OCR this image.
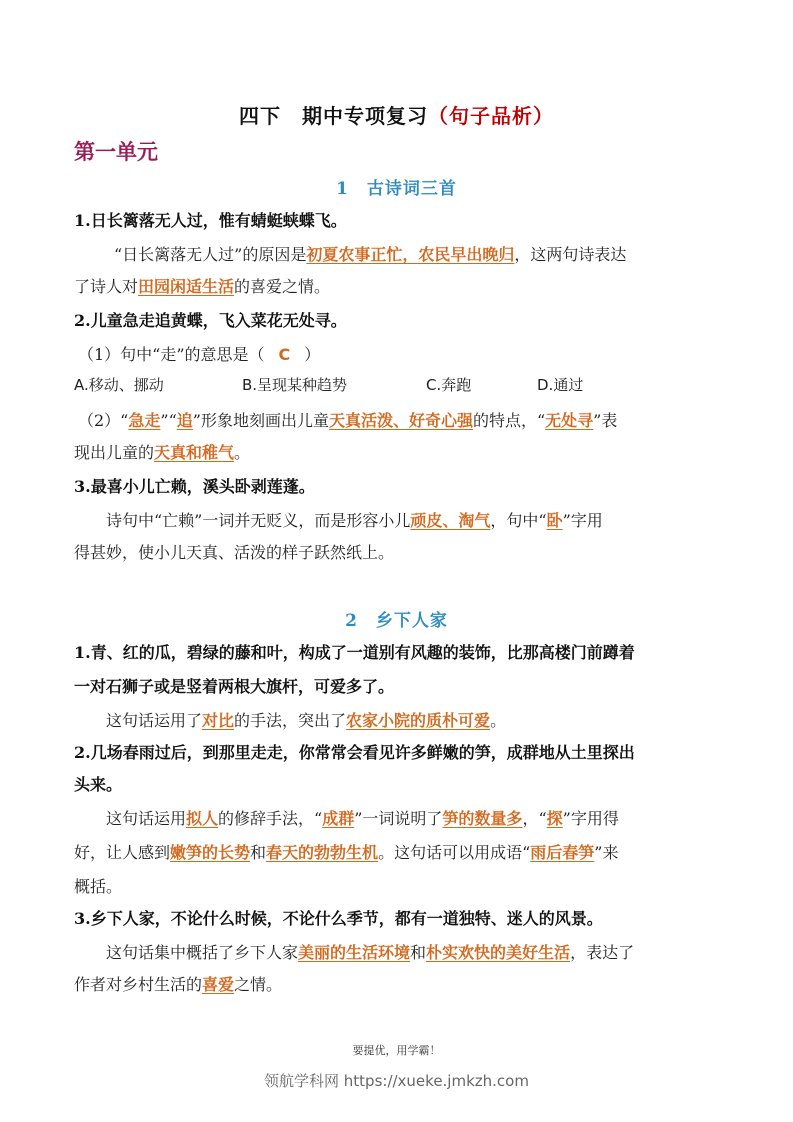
四下　期中专项复习（句子品析）
第一单元
1　古诗词三首
1.日长篱落无人过，惟有蜻蜓蛱蝶飞。
“日长篱落无人过”的原因是初夏农事正忙，农民早出晚归，这两句诗表达
了诗人对田园闲适生活的喜爱之情。
2.儿童急走追黄蝶，飞入菜花无处寻。
（1）句中“走”的意思是（ C ）
A.移动、挪动	B.呈现某种趋势	C.奔跑	D.通过
（2）“急走”“追”形象地刻画出儿童天真活泼、好奇心强的特点，“无处寻”表
现出儿童的天真和稚气。
3.最喜小儿亡赖，溪头卧剥莲蓬。
诗句中“亡赖”一词并无贬义，而是形容小儿顽皮、淘气，句中“卧”字用
得甚妙，使小儿天真、活泼的样子跃然纸上。
2　乡下人家
1.青、红的瓜，碧绿的藤和叶，构成了一道别有风趣的装饰，比那高楼门前蹲着
一对石狮子或是竖着两根大旗杆，可爱多了。
这句话运用了对比的手法，突出了农家小院的质朴可爱。
2.几场春雨过后，到那里走走，你常常会看见许多鲜嫩的笋，成群地从土里探出
头来。
这句话运用拟人的修辞手法，“成群”一词说明了笋的数量多，“探”字用得
好，让人感到嫩笋的长势和春天的勃勃生机。这句话可以用成语“雨后春笋”来
概括。
3.乡下人家，不论什么时候，不论什么季节，都有一道独特、迷人的风景。
这句话集中概括了乡下人家美丽的生活环境和朴实欢快的美好生活，表达了
作者对乡村生活的喜爱之情。
要提优，用学霸！
领航学科网 https://xueke.jmkzh.com
